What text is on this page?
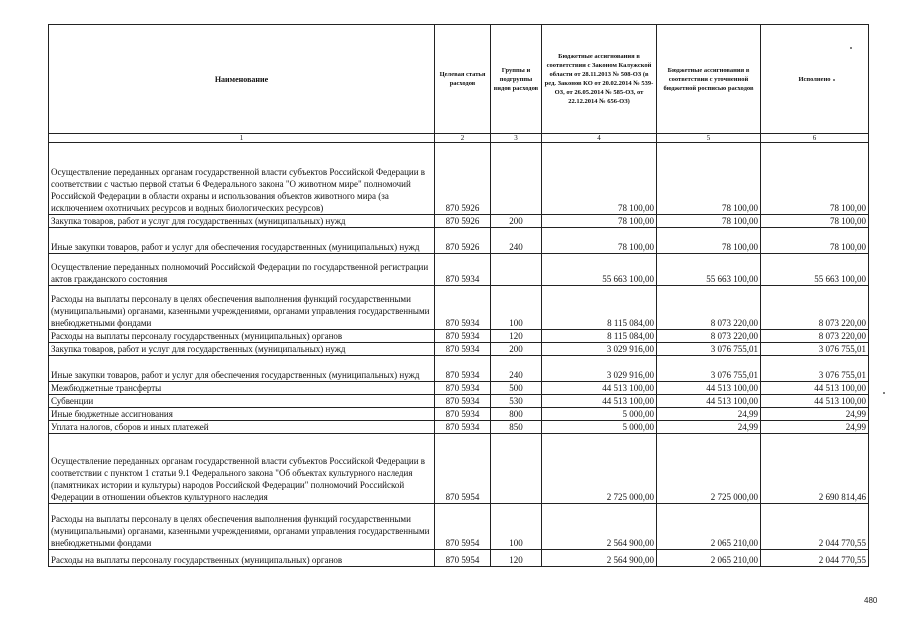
Наименование	Целевая статья расходов	Группы и подгруппы видов расходов	Бюджетные ассигнования в соответствии с Законом Калужской области от 28.11.2013 № 508-ОЗ (в ред. Законов КО от 20.02.2014 № 539-ОЗ, от 26.05.2014 № 585-ОЗ, от 22.12.2014 № 656-ОЗ)	Бюджетные ассигнования в соответствии с уточненной бюджетной росписью расходов	Исполнено
1	2	3	4	5	6
Осуществление переданных органам государственной власти субъектов Российской Федерации в соответствии с частью первой статьи 6 Федерального закона "О животном мире" полномочий Российской Федерации в области охраны и использования объектов животного мира (за исключением охотничьих ресурсов и водных биологических ресурсов)	870 5926		78 100,00	78 100,00	78 100,00
Закупка товаров, работ и услуг для государственных (муниципальных) нужд	870 5926	200	78 100,00	78 100,00	78 100,00
Иные закупки товаров, работ и услуг для обеспечения государственных (муниципальных) нужд	870 5926	240	78 100,00	78 100,00	78 100,00
Осуществление переданных полномочий Российской Федерации по государственной регистрации актов гражданского состояния	870 5934		55 663 100,00	55 663 100,00	55 663 100,00
Расходы на выплаты персоналу в целях обеспечения выполнения функций государственными (муниципальными) органами, казенными учреждениями, органами управления государственными внебюджетными фондами	870 5934	100	8 115 084,00	8 073 220,00	8 073 220,00
Расходы на выплаты персоналу государственных (муниципальных) органов	870 5934	120	8 115 084,00	8 073 220,00	8 073 220,00
Закупка товаров, работ и услуг для государственных (муниципальных) нужд	870 5934	200	3 029 916,00	3 076 755,01	3 076 755,01
Иные закупки товаров, работ и услуг для обеспечения государственных (муниципальных) нужд	870 5934	240	3 029 916,00	3 076 755,01	3 076 755,01
Межбюджетные трансферты	870 5934	500	44 513 100,00	44 513 100,00	44 513 100,00
Субвенции	870 5934	530	44 513 100,00	44 513 100,00	44 513 100,00
Иные бюджетные ассигнования	870 5934	800	5 000,00	24,99	24,99
Уплата налогов, сборов и иных платежей	870 5934	850	5 000,00	24,99	24,99
Осуществление переданных органам государственной власти субъектов Российской Федерации в соответствии с пунктом 1 статьи 9.1 Федерального закона "Об объектах культурного наследия (памятниках истории и культуры) народов Российской Федерации" полномочий Российской Федерации в отношении объектов культурного наследия	870 5954		2 725 000,00	2 725 000,00	2 690 814,46
Расходы на выплаты персоналу в целях обеспечения выполнения функций государственными (муниципальными) органами, казенными учреждениями, органами управления государственными внебюджетными фондами	870 5954	100	2 564 900,00	2 065 210,00	2 044 770,55
Расходы на выплаты персоналу государственных (муниципальных) органов	870 5954	120	2 564 900,00	2 065 210,00	2 044 770,55
480
